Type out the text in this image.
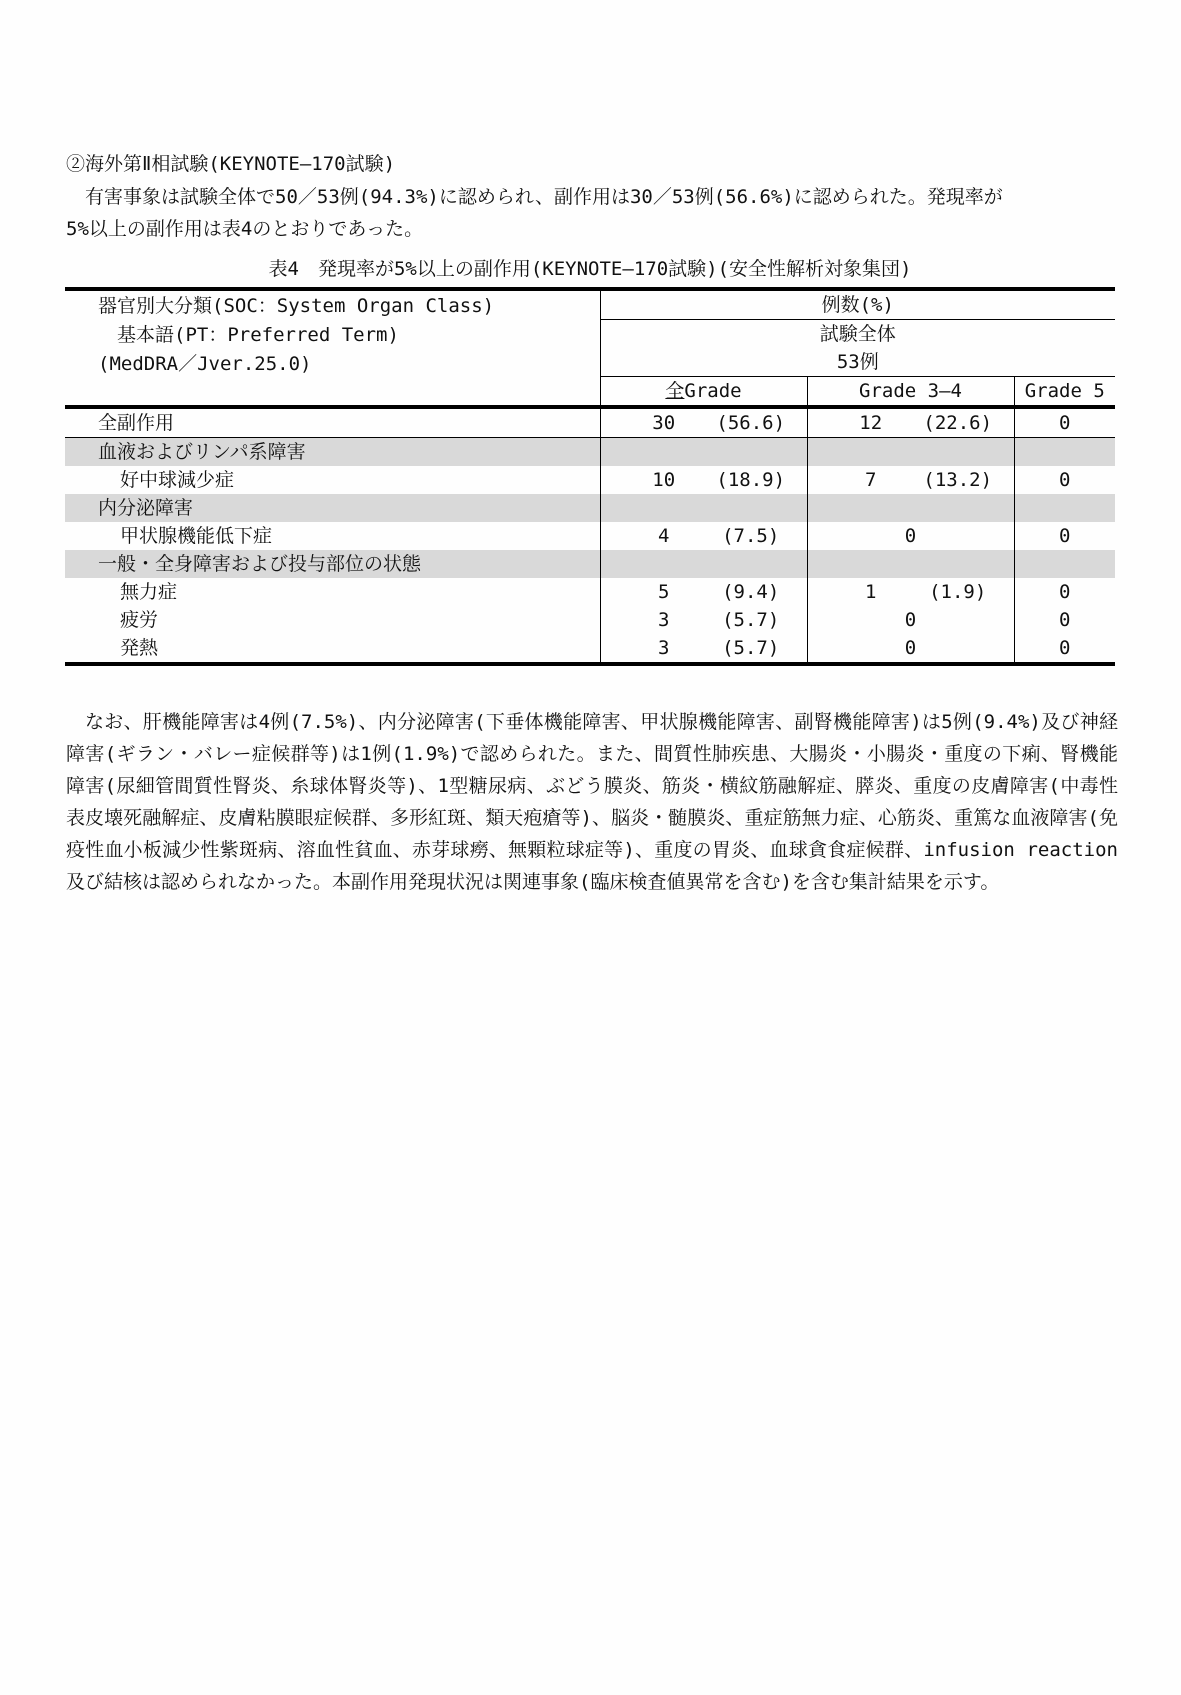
②海外第Ⅱ相試験(KEYNOTE―170試験)
　有害事象は試験全体で50／53例(94.3%)に認められ、副作用は30／53例(56.6%)に認められた。発現率が
5%以上の副作用は表4のとおりであった。
表4　発現率が5%以上の副作用(KEYNOTE―170試験)(安全性解析対象集団)
器官別大分類(SOC：System Organ Class)
　基本語(PT：Preferred Term)
(MedDRA／Jver.25.0)	例数(%)		
	試験全体		
	53例		
	全Grade	Grade 3―4	Grade 5
全副作用	30 (56.6)	12 (22.6)	0
血液およびリンパ系障害			
好中球減少症	10 (18.9)	7 (13.2)	0
内分泌障害			
甲状腺機能低下症	4 (7.5)	0	0
一般・全身障害および投与部位の状態			
無力症	5 (9.4)	1 (1.9)	0
疲労	3 (5.7)	0	0
発熱	3 (5.7)	0	0

なお、肝機能障害は4例(7.5%)、内分泌障害(下垂体機能障害、甲状腺機能障害、副腎機能障害)は5例(9.4%)及び神経障害(ギラン・バレー症候群等)は1例(1.9%)で認められた。また、間質性肺疾患、大腸炎・小腸炎・重度の下痢、腎機能障害(尿細管間質性腎炎、糸球体腎炎等)、1型糖尿病、ぶどう膜炎、筋炎・横紋筋融解症、膵炎、重度の皮膚障害(中毒性表皮壊死融解症、皮膚粘膜眼症候群、多形紅斑、類天疱瘡等)、脳炎・髄膜炎、重症筋無力症、心筋炎、重篤な血液障害(免疫性血小板減少性紫斑病、溶血性貧血、赤芽球癆、無顆粒球症等)、重度の胃炎、血球貪食症候群、infusion reaction及び結核は認められなかった。本副作用発現状況は関連事象(臨床検査値異常を含む)を含む集計結果を示す。
